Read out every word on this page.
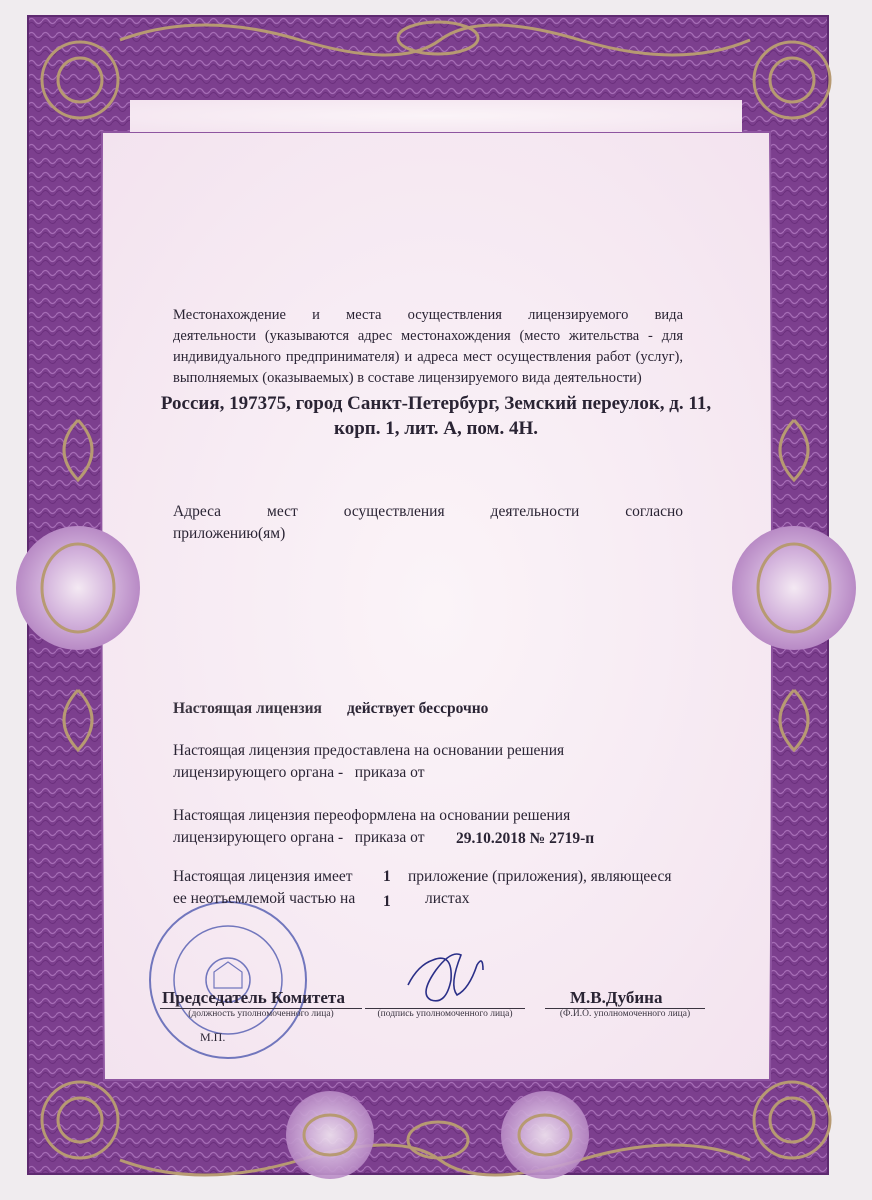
Местонахождение и места осуществления лицензируемого вида

деятельности (указываются адрес местонахождения (место жительства - для

индивидуального предпринимателя) и адреса мест осуществления работ (услуг),

выполняемых (оказываемых) в составе лицензируемого вида деятельности)

Россия, 197375, город Санкт-Петербург, Земский переулок, д. 11,

корп. 1, лит. А, пом. 4Н.

Адреса мест осуществления деятельности согласно

приложению(ям)

Настоящая лицензия действует бессрочно

Настоящая лицензия предоставлена на основании решения

лицензирующего органа -   приказа от

Настоящая лицензия переоформлена на основании решения

лицензирующего органа -   приказа от 29.10.2018 № 2719-п

Настоящая лицензия имеет 1 приложение (приложения), являющееся

ее неотъемлемой частью на 1 листах

Председатель Комитета

(должность уполномоченного лица)	(подпись уполномоченного лица)

М.В.Дубина

(Ф.И.О. уполномоченного лица)

М.П.
